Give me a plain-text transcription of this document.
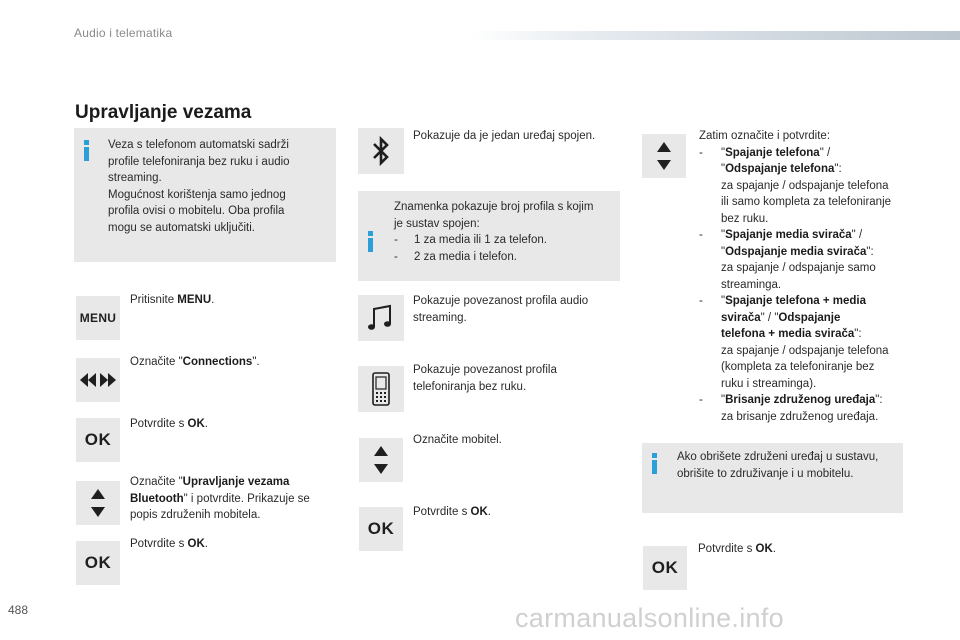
Audio i telematika
Upravljanje vezama
Veza s telefonom automatski sadrži
profile telefoniranja bez ruku i audio
streaming.
Mogućnost korištenja samo jednog
profila ovisi o mobitelu. Oba profila
mogu se automatski uključiti.
MENU
Pritisnite MENU.
Označite "Connections".
OK
Potvrdite s OK.
Označite "Upravljanje vezama
Bluetooth" i potvrdite. Prikazuje se
popis združenih mobitela.
OK
Potvrdite s OK.
Pokazuje da je jedan uređaj spojen.
Znamenka pokazuje broj profila s kojim
je sustav spojen:
-	1 za media ili 1 za telefon.
-	2 za media i telefon.
Pokazuje povezanost profila audio
streaming.
Pokazuje povezanost profila
telefoniranja bez ruku.
Označite mobitel.
OK
Potvrdite s OK.
Zatim označite i potvrdite:
-	"Spajanje telefona" /
"Odspajanje telefona":
za spajanje / odspajanje telefona
ili samo kompleta za telefoniranje
bez ruku.
-	"Spajanje media svirača" /
"Odspajanje media svirača":
za spajanje / odspajanje samo
streaminga.
-	"Spajanje telefona + media
svirača" / "Odspajanje
telefona + media svirača":
za spajanje / odspajanje telefona
(kompleta za telefoniranje bez
ruku i streaminga).
-	"Brisanje združenog uređaja":
za brisanje združenog uređaja.
Ako obrišete združeni uređaj u sustavu,
obrišite to združivanje i u mobitelu.
OK
Potvrdite s OK.
488	carmanualsonline.info
